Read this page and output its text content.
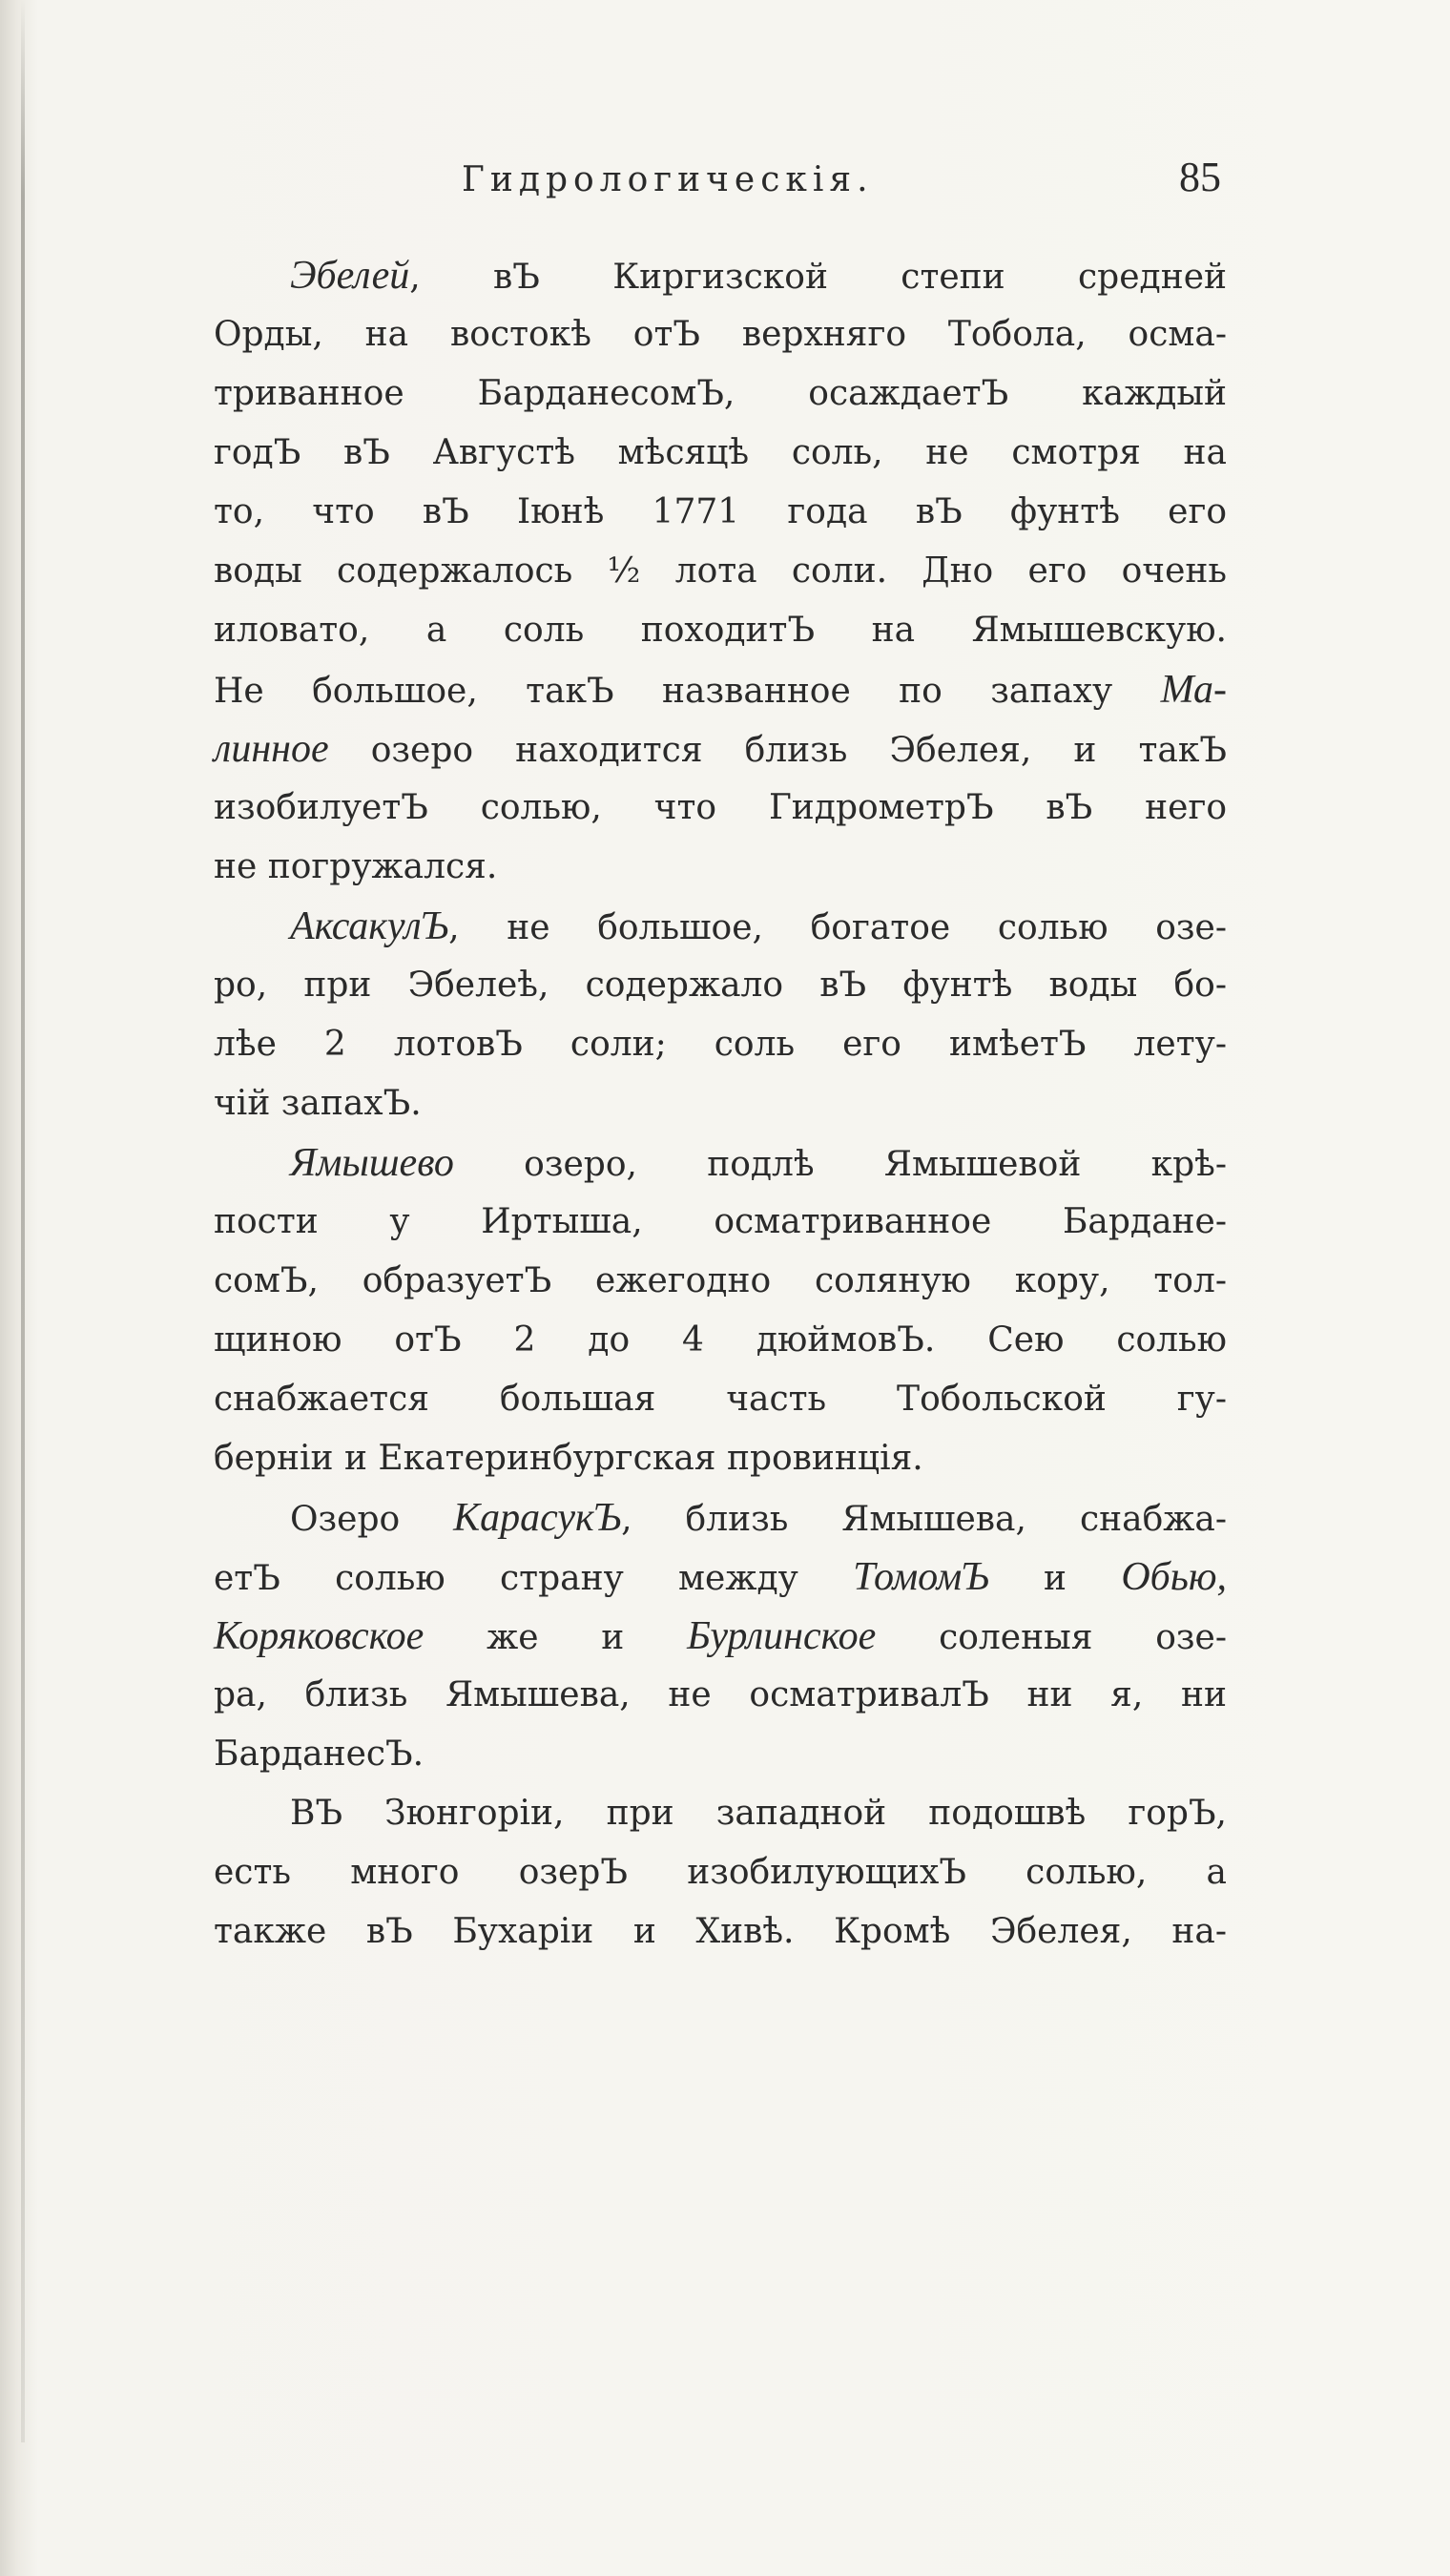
Гидрологическія.	85
Эбелей, вЪ Киргизской степи средней
Орды, на востокѣ отЪ верхняго Тобола, осма-
триванное БарданесомЪ, осаждаетЪ каждый
годЪ вЪ Августѣ мѣсяцѣ соль, не смотря на
то, что вЪ Іюнѣ 1771 года вЪ фунтѣ его
воды содержалось ½ лота соли. Дно его очень
иловато, а соль походитЪ на Ямышевскую.
Не большое, такЪ названное по запаху Ма-
линное озеро находится близь Эбелея, и такЪ
изобилуетЪ солью, что ГидрометрЪ вЪ него
не погружался.
АксакулЪ, не большое, богатое солью озе-
ро, при Эбелеѣ, содержало вЪ фунтѣ воды бо-
лѣе 2 лотовЪ соли; соль его имѣетЪ лету-
чій запахЪ.
Ямышево озеро, подлѣ Ямышевой крѣ-
пости у Иртыша, осматриванное Бардане-
сомЪ, образуетЪ ежегодно соляную кору, тол-
щиною отЪ 2 до 4 дюймовЪ. Сею солью
снабжается большая часть Тобольской гу-
берніи и Екатеринбургская провинція.
Озеро КарасукЪ, близь Ямышева, снабжа-
етЪ солью страну между ТомомЪ и Обью,
Коряковское же и Бурлинское соленыя озе-
ра, близь Ямышева, не осматривалЪ ни я, ни
БарданесЪ.
ВЪ Зюнгоріи, при западной подошвѣ горЪ,
есть много озерЪ изобилующихЪ солью, а
также вЪ Бухаріи и Хивѣ. Кромѣ Эбелея, на-
